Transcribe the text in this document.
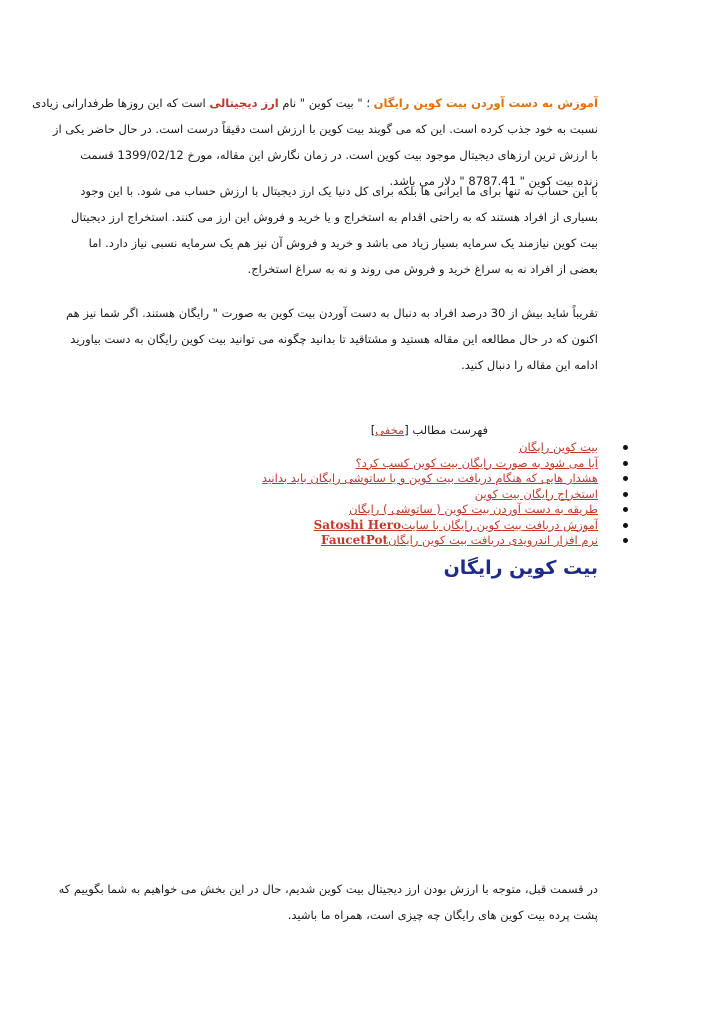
آموزش به دست آوردن بیت کوین رایگان ؛ " بیت کوین " نام ارز دیجیتالی است که این روزها طرفدارانی زیادی
نسبت به خود جذب کرده است. این که می گویند بیت کوین با ارزش است دقیقاً درست است. در حال حاضر یکی از
با ارزش ترین ارزهای دیجیتال موجود بیت کوین است. در زمان نگارش این مقاله، مورخ 1399/02/12 قسمت
زنده بیت کوین " 8787.41 " دلار می باشد.
با این حساب نه تنها برای ما ایرانی ها بلکه برای کل دنیا یک ارز دیجیتال با ارزش حساب می شود. با این وجود
بسیاری از افراد هستند که به راحتی اقدام به استخراج و یا خرید و فروش این ارز می کنند. استخراج ارز دیجیتال
بیت کوین نیازمند یک سرمایه بسیار زیاد می باشد و خرید و فروش آن نیز هم یک سرمایه نسبی نیاز دارد. اما
بعضی از افراد نه به سراغ خرید و فروش می روند و نه به سراغ استخراج.
تقریباً شاید بیش از 30 درصد افراد به دنبال به دست آوردن بیت کوین به صورت " رایگان هستند. اگر شما نیز هم
اکنون که در حال مطالعه این مقاله هستید و مشتاقید تا بدانید چگونه می توانید بیت کوین رایگان به دست بیاورید
ادامه این مقاله را دنبال کنید.
فهرست مطالب [مخفی]
بیت کوین رایگان
آیا می شود به صورت رایگان بیت کوین کسب کرد؟
هشدار هایی که هنگام دریافت بیت کوین و یا ساتوشی رایگان باید بدانید
استخراج رایگان بیت کوین
طریقه به دست آوردن بیت کوین ( ساتوشی ) رایگان
آموزش دریافت بیت کوین رایگان با سایتSatoshi Hero
نرم افزار اندرویدی دریافت بیت کوین رایگانFaucetPot
بیت کوین رایگان
در قسمت قبل، متوجه با ارزش بودن ارز دیجیتال بیت کوین شدیم، حال در این بخش می خواهیم به شما بگوییم که
پشت پرده بیت کوین های رایگان چه چیزی است، همراه ما باشید.
